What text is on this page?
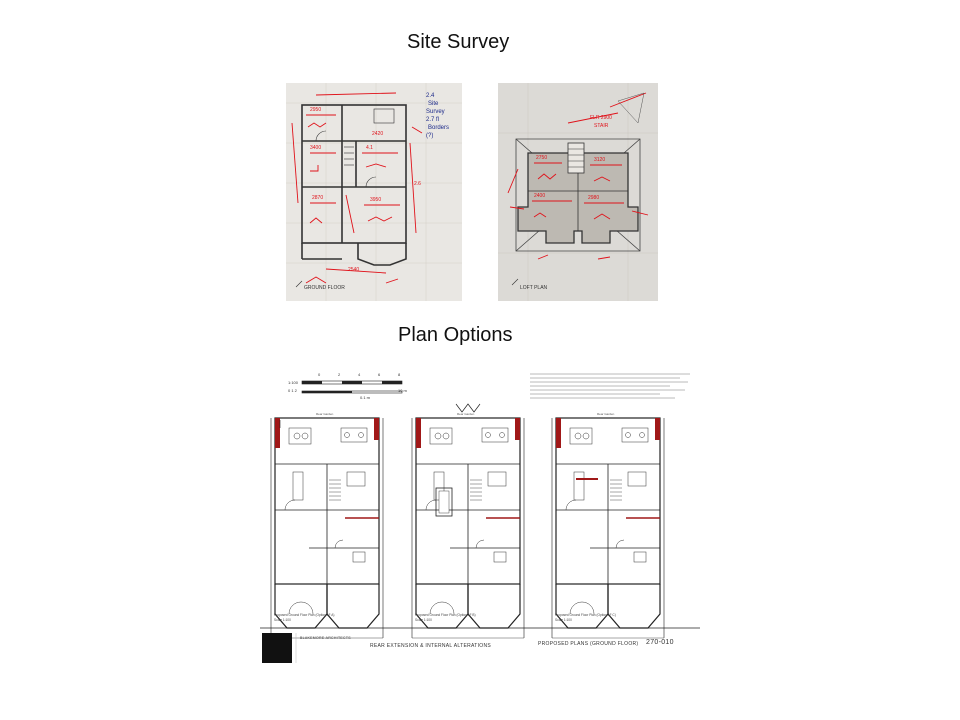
Site Survey
2950
2420
3400	4.1
2870	3950
2540
2.6
2.4
Site
Survey
2.7 fl
Borders
(?)
GROUND FLOOR
FLR 2900
STAIR
2750	3120
2400	2980
LOFT PLAN
Plan Options
0	2	4	6	8
10 m
1:100
0 1 2
0.1 m
Rear Garden	Rear Garden	Rear Garden
Proposed Ground Floor Plan (Option 1F A)
Scale 1:100
Proposed Ground Floor Plan (Option 1F B)
Scale 1:100
Proposed Ground Floor Plan (Option 1F C)
Scale 1:100
BLAKEMORE ARCHITECTS
REAR EXTENSION & INTERNAL ALTERATIONS	PROPOSED PLANS (GROUND FLOOR) 270-010
